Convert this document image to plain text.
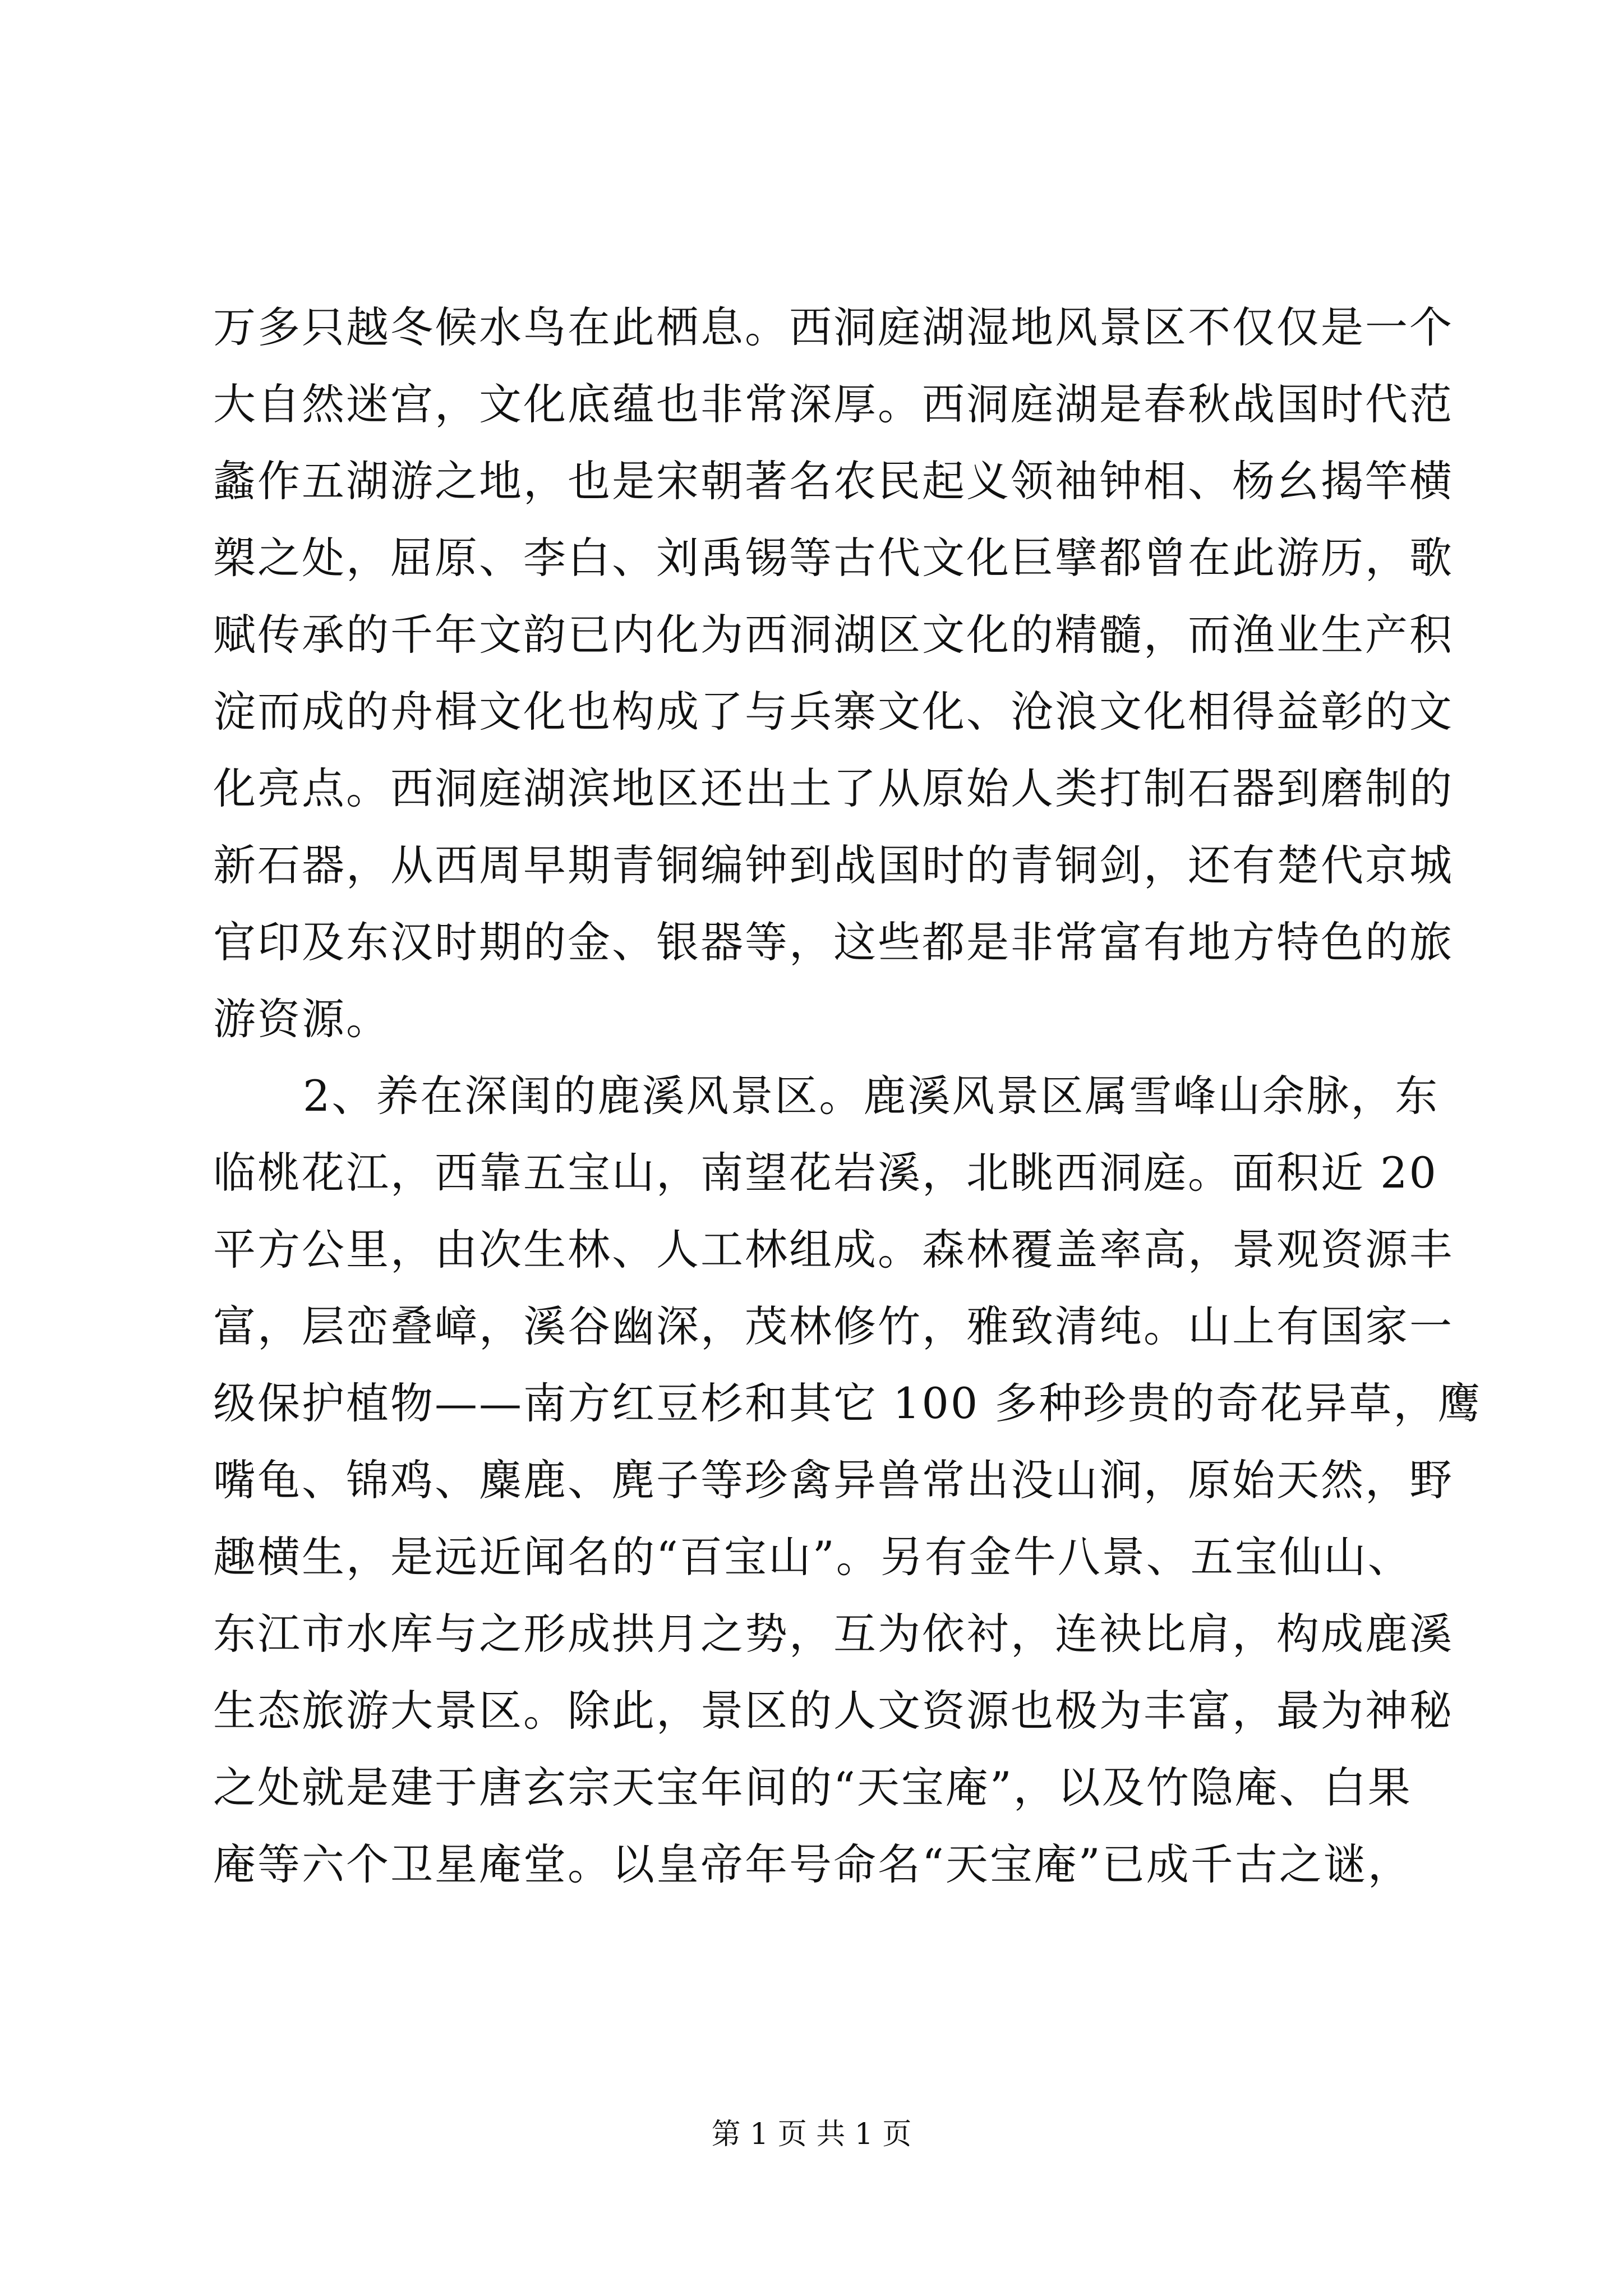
万多只越冬候水鸟在此栖息。西洞庭湖湿地风景区不仅仅是一个
大自然迷宫，文化底蕴也非常深厚。西洞庭湖是春秋战国时代范
蠡作五湖游之地，也是宋朝著名农民起义领袖钟相、杨幺揭竿横
槊之处，屈原、李白、刘禹锡等古代文化巨擘都曾在此游历，歌
赋传承的千年文韵已内化为西洞湖区文化的精髓，而渔业生产积
淀而成的舟楫文化也构成了与兵寨文化、沧浪文化相得益彰的文
化亮点。西洞庭湖滨地区还出土了从原始人类打制石器到磨制的
新石器，从西周早期青铜编钟到战国时的青铜剑，还有楚代京城
官印及东汉时期的金、银器等，这些都是非常富有地方特色的旅
游资源。
2、养在深闺的鹿溪风景区。鹿溪风景区属雪峰山余脉，东
临桃花江，西靠五宝山，南望花岩溪，北眺西洞庭。面积近 20
平方公里，由次生林、人工林组成。森林覆盖率高，景观资源丰
富，层峦叠嶂，溪谷幽深，茂林修竹，雅致清纯。山上有国家一
级保护植物——南方红豆杉和其它 100 多种珍贵的奇花异草，鹰
嘴龟、锦鸡、麋鹿、麂子等珍禽异兽常出没山涧，原始天然，野
趣横生，是远近闻名的“百宝山”。另有金牛八景、五宝仙山、
东江市水库与之形成拱月之势，互为依衬，连袂比肩，构成鹿溪
生态旅游大景区。除此，景区的人文资源也极为丰富，最为神秘
之处就是建于唐玄宗天宝年间的“天宝庵”，以及竹隐庵、白果
庵等六个卫星庵堂。以皇帝年号命名“天宝庵”已成千古之谜，
第 1 页 共 1 页
